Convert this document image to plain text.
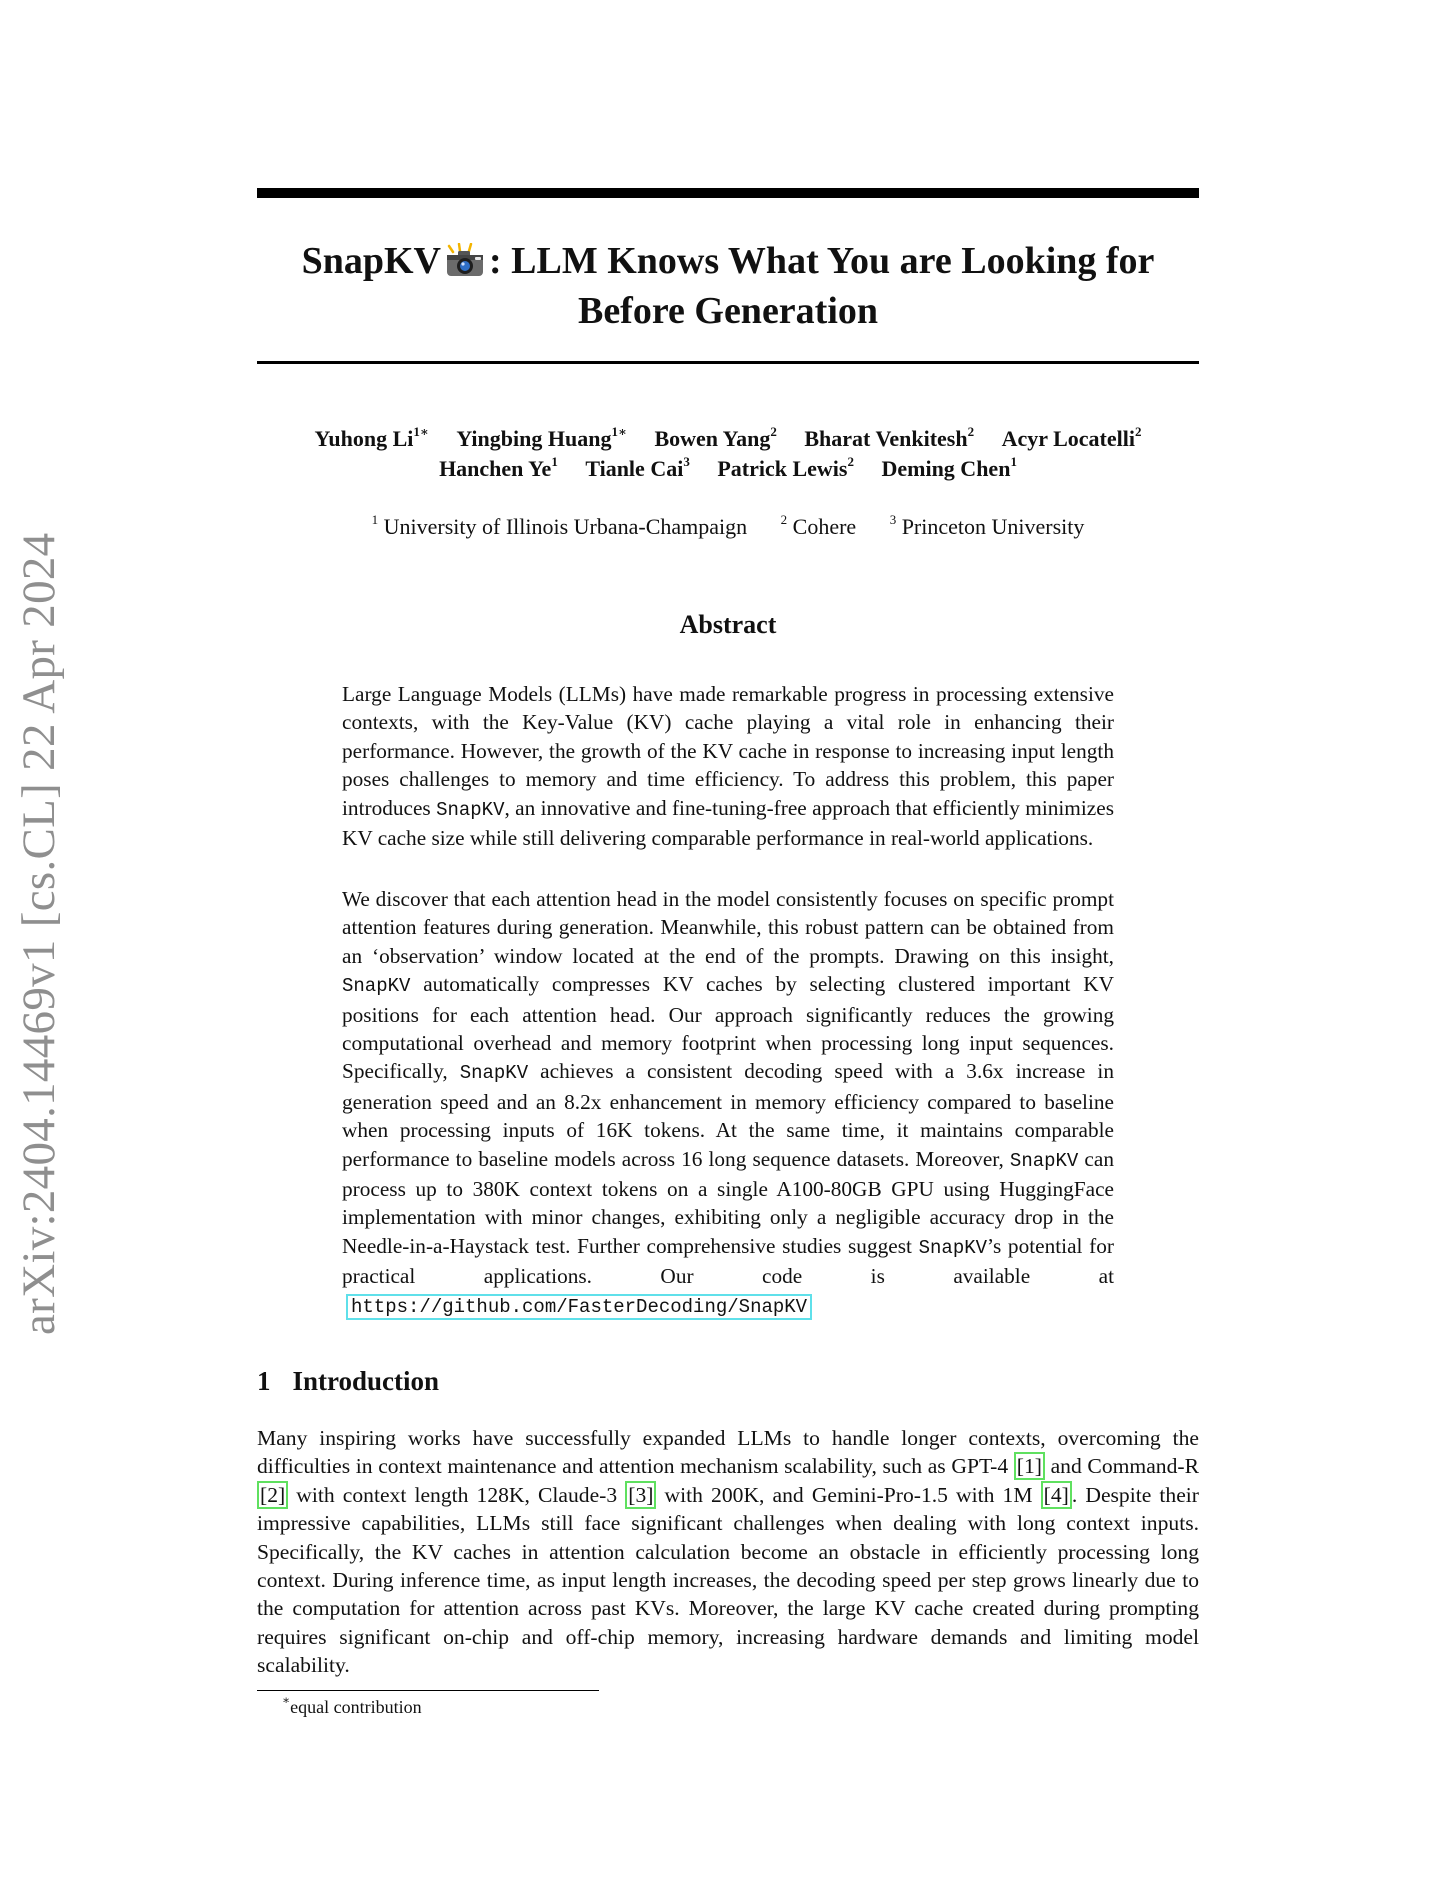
arXiv:2404.14469v1 [cs.CL] 22 Apr 2024
SnapKV : LLM Knows What You are Looking for Before Generation
Yuhong $Li^{1∗}$ Yingbing Huang$^{1∗}$ Bowen Yang$^2$ Bharat Venkitesh$^2$ Acyr Locatelli$^2$
Hanchen Ye$^1$ Tianle Cai$^3$ Patrick Lewis$^2$ Deming Chen$^1$
$^1$ University of Illinois Urbana-Champaign	$^2$ Cohere	$^3$ Princeton University
Abstract

Large Language Models (LLMs) have made remarkable progress in processing extensive contexts, with the Key-Value (KV) cache playing a vital role in enhancing their performance. However, the growth of the KV cache in response to increasing input length poses challenges to memory and time efficiency. To address this problem, this paper introduces SnapKV, an innovative and fine-tuning-free approach that efficiently minimizes KV cache size while still delivering comparable performance in real-world applications.

We discover that each attention head in the model consistently focuses on specific prompt attention features during generation. Meanwhile, this robust pattern can be obtained from an ‘observation’ window located at the end of the prompts. Drawing on this insight, SnapKV automatically compresses KV caches by selecting clustered important KV positions for each attention head. Our approach significantly reduces the growing computational overhead and memory footprint when processing long input sequences. Specifically, SnapKV achieves a consistent decoding speed with a 3.6x increase in generation speed and an 8.2x enhancement in memory efficiency compared to baseline when processing inputs of 16K tokens. At the same time, it maintains comparable performance to baseline models across 16 long sequence datasets. Moreover, SnapKV can process up to 380K context tokens on a single A100-80GB GPU using HuggingFace implementation with minor changes, exhibiting only a negligible accuracy drop in the Needle-in-a-Haystack test. Further comprehensive studies suggest SnapKV’s potential for practical applications. Our code is available at https://github.com/FasterDecoding/SnapKV

1 Introduction

Many inspiring works have successfully expanded LLMs to handle longer contexts, overcoming the difficulties in context maintenance and attention mechanism scalability, such as GPT-4 [1] and Command-R [2] with context length 128K, Claude-3 [3] with 200K, and Gemini-Pro-1.5 with 1M [4] . Despite their impressive capabilities, LLMs still face significant challenges when dealing with long context inputs. Specifically, the KV caches in attention calculation become an obstacle in efficiently processing long context. During inference time, as input length increases, the decoding speed per step grows linearly due to the computation for attention across past KVs. Moreover, the large KV cache created during prompting requires significant on-chip and off-chip memory, increasing hardware demands and limiting model scalability.

∗equal contribution
